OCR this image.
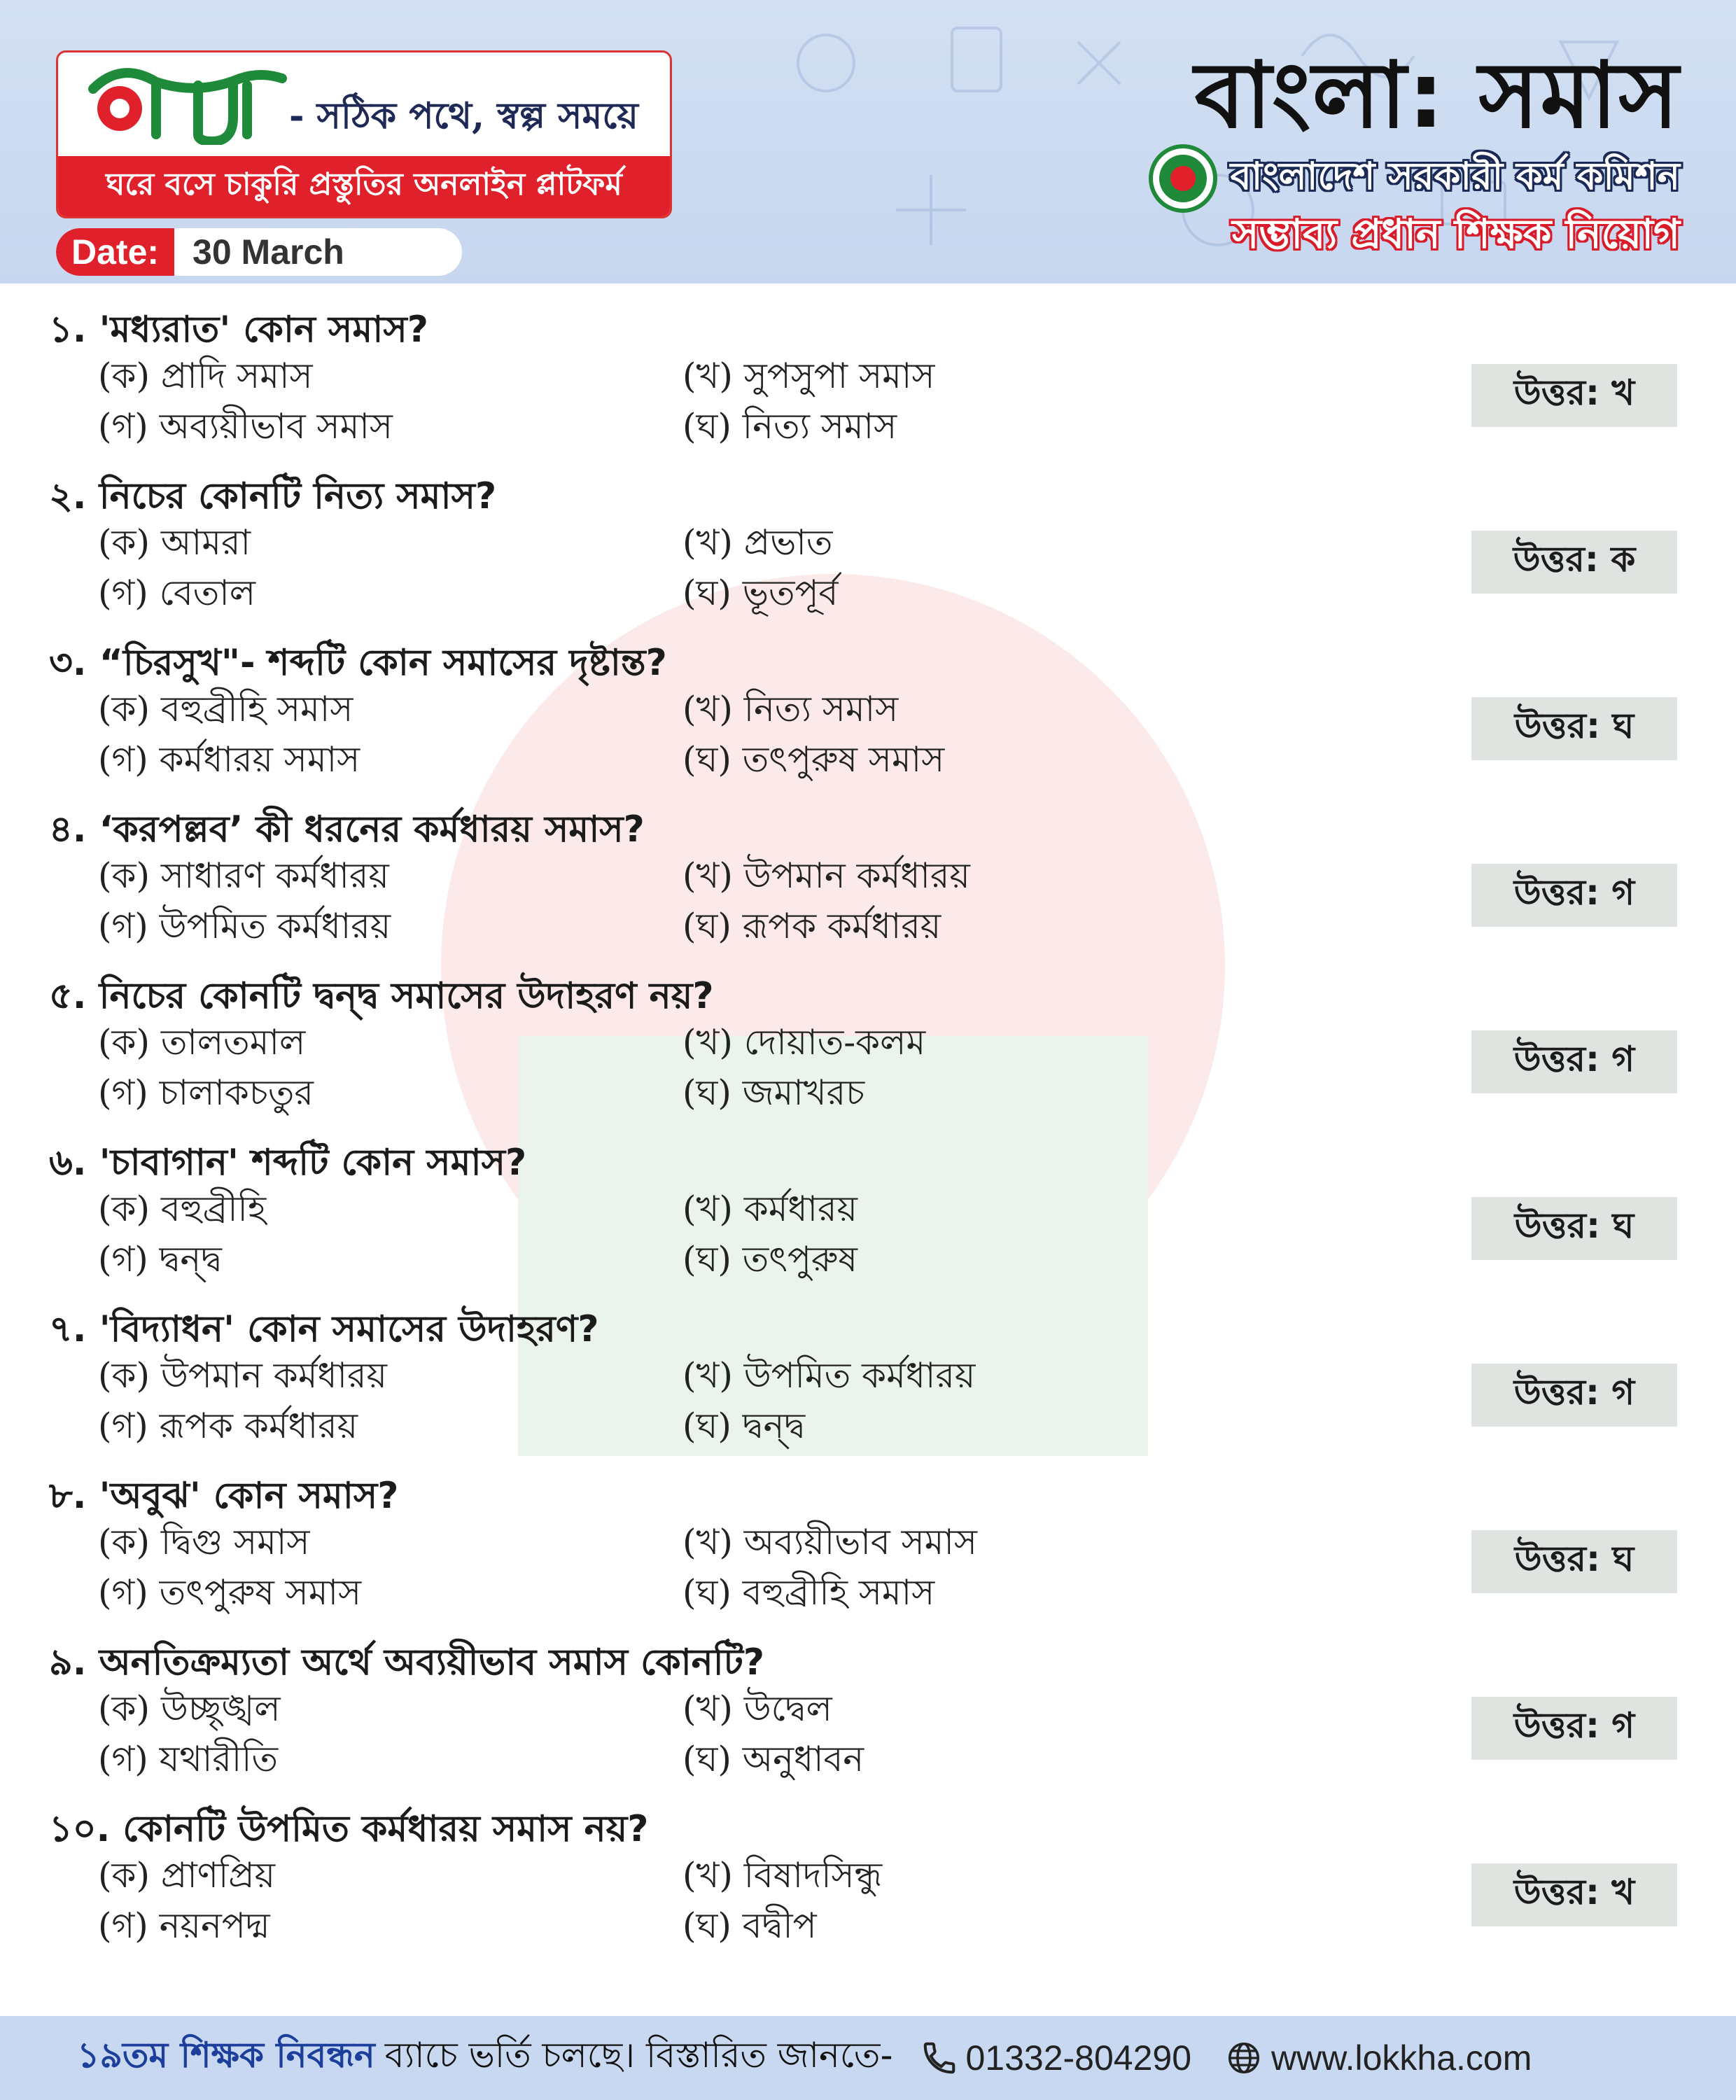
- সঠিক পথে, স্বল্প সময়ে
ঘরে বসে চাকুরি প্রস্তুতির অনলাইন প্লাটফর্ম
Date: 30 March
বাংলা: সমাস
বাংলাদেশ সরকারী কর্ম কমিশন
সম্ভাব্য প্রধান শিক্ষক নিয়োগ
১. 'মধ্যরাত' কোন সমাস?
(ক) প্রাদি সমাস	(খ) সুপসুপা সমাস
(গ) অব্যয়ীভাব সমাস	(ঘ) নিত্য সমাস
উত্তর: খ
২. নিচের কোনটি নিত্য সমাস?
(ক) আমরা	(খ) প্রভাত
(গ) বেতাল	(ঘ) ভূতপূর্ব
উত্তর: ক
৩. “চিরসুখ"- শব্দটি কোন সমাসের দৃষ্টান্ত?
(ক) বহুব্রীহি সমাস	(খ) নিত্য সমাস
(গ) কর্মধারয় সমাস	(ঘ) তৎপুরুষ সমাস
উত্তর: ঘ
৪. ‘করপল্লব’ কী ধরনের কর্মধারয় সমাস?
(ক) সাধারণ কর্মধারয়	(খ) উপমান কর্মধারয়
(গ) উপমিত কর্মধারয়	(ঘ) রূপক কর্মধারয়
উত্তর: গ
৫. নিচের কোনটি দ্বন্দ্ব সমাসের উদাহরণ নয়?
(ক) তালতমাল	(খ) দোয়াত-কলম
(গ) চালাকচতুর	(ঘ) জমাখরচ
উত্তর: গ
৬. 'চাবাগান' শব্দটি কোন সমাস?
(ক) বহুব্রীহি	(খ) কর্মধারয়
(গ) দ্বন্দ্ব	(ঘ) তৎপুরুষ
উত্তর: ঘ
৭. 'বিদ্যাধন' কোন সমাসের উদাহরণ?
(ক) উপমান কর্মধারয়	(খ) উপমিত কর্মধারয়
(গ) রূপক কর্মধারয়	(ঘ) দ্বন্দ্ব
উত্তর: গ
৮. 'অবুঝ' কোন সমাস?
(ক) দ্বিগু সমাস	(খ) অব্যয়ীভাব সমাস
(গ) তৎপুরুষ সমাস	(ঘ) বহুব্রীহি সমাস
উত্তর: ঘ
৯. অনতিক্রম্যতা অর্থে অব্যয়ীভাব সমাস কোনটি?
(ক) উচ্ছৃঙ্খল	(খ) উদ্বেল
(গ) যথারীতি	(ঘ) অনুধাবন
উত্তর: গ
১০. কোনটি উপমিত কর্মধারয় সমাস নয়?
(ক) প্রাণপ্রিয়	(খ) বিষাদসিন্ধু
(গ) নয়নপদ্ম	(ঘ) বদ্বীপ
উত্তর: খ
১৯তম শিক্ষক নিবন্ধন ব্যাচে ভর্তি চলছে। বিস্তারিত জানতে- 01332-804290 www.lokkha.com
